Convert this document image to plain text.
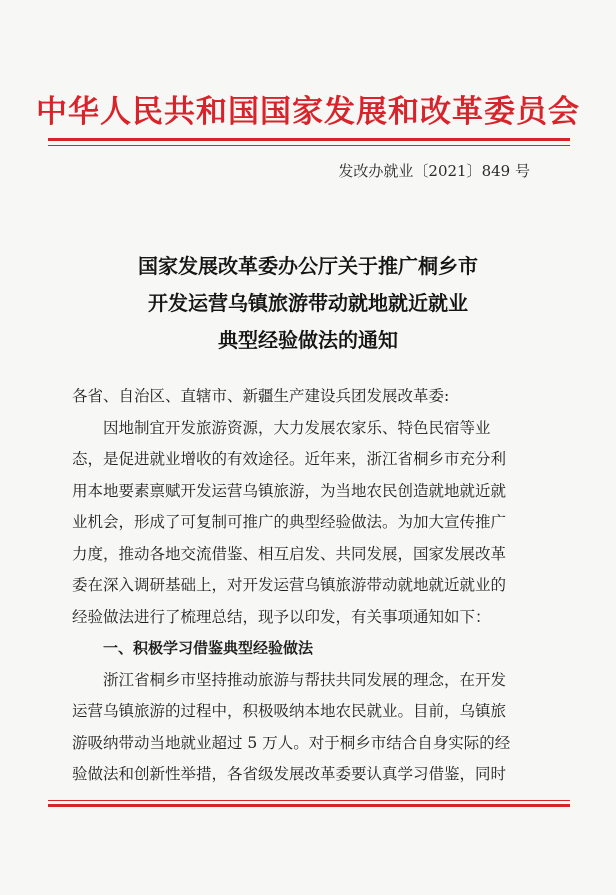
中华人民共和国国家发展和改革委员会
发改办就业〔2021〕849 号
国家发展改革委办公厅关于推广桐乡市
开发运营乌镇旅游带动就地就近就业
典型经验做法的通知
各省、自治区、直辖市、新疆生产建设兵团发展改革委:
因地制宜开发旅游资源，大力发展农家乐、特色民宿等业
态，是促进就业增收的有效途径。近年来，浙江省桐乡市充分利
用本地要素禀赋开发运营乌镇旅游，为当地农民创造就地就近就
业机会，形成了可复制可推广的典型经验做法。为加大宣传推广
力度，推动各地交流借鉴、相互启发、共同发展，国家发展改革
委在深入调研基础上，对开发运营乌镇旅游带动就地就近就业的
经验做法进行了梳理总结，现予以印发，有关事项通知如下：
一、积极学习借鉴典型经验做法
浙江省桐乡市坚持推动旅游与帮扶共同发展的理念，在开发
运营乌镇旅游的过程中，积极吸纳本地农民就业。目前，乌镇旅
游吸纳带动当地就业超过 5 万人。对于桐乡市结合自身实际的经
验做法和创新性举措，各省级发展改革委要认真学习借鉴，同时
